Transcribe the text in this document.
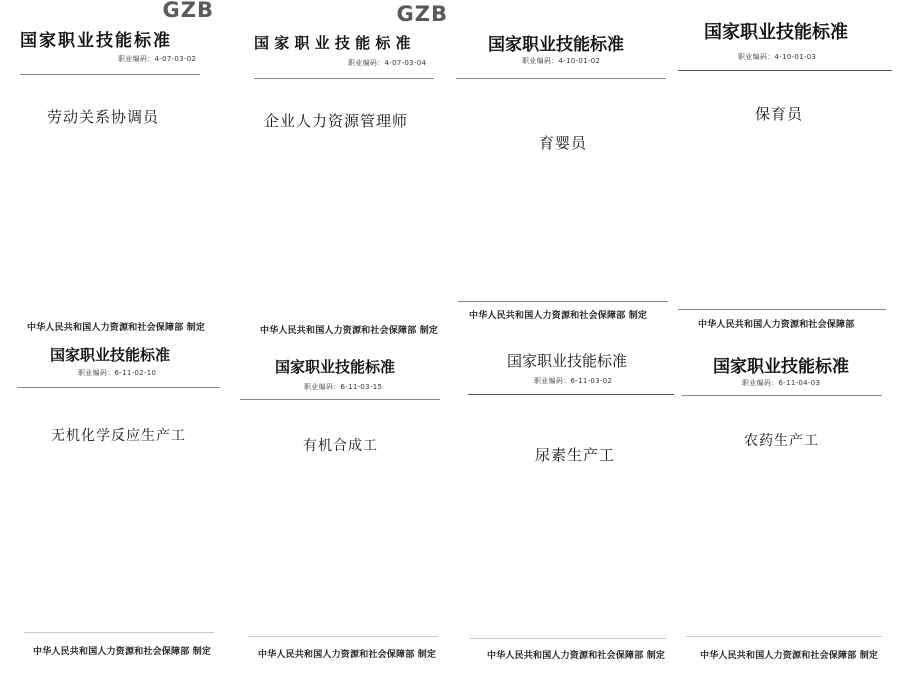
GZB
国家职业技能标准
职业编码：4-07-03-02
劳动关系协调员
中华人民共和国人力资源和社会保障部 制定
GZB
国 家 职 业 技 能 标 准
职业编码：4-07-03-04
企业人力资源管理师
中华人民共和国人力资源和社会保障部 制定
国家职业技能标准
职业编码：4-10-01-02
育婴员
中华人民共和国人力资源和社会保障部 制定
国家职业技能标准
职业编码：4-10-01-03
保育员
中华人民共和国人力资源和社会保障部
国家职业技能标准
职业编码：6-11-02-10
无机化学反应生产工
中华人民共和国人力资源和社会保障部 制定
国家职业技能标准
职业编码：6-11-03-15
有机合成工
中华人民共和国人力资源和社会保障部 制定
国家职业技能标准
职业编码：6-11-03-02
尿素生产工
中华人民共和国人力资源和社会保障部 制定
国家职业技能标准
职业编码：6-11-04-03
农药生产工
中华人民共和国人力资源和社会保障部 制定
